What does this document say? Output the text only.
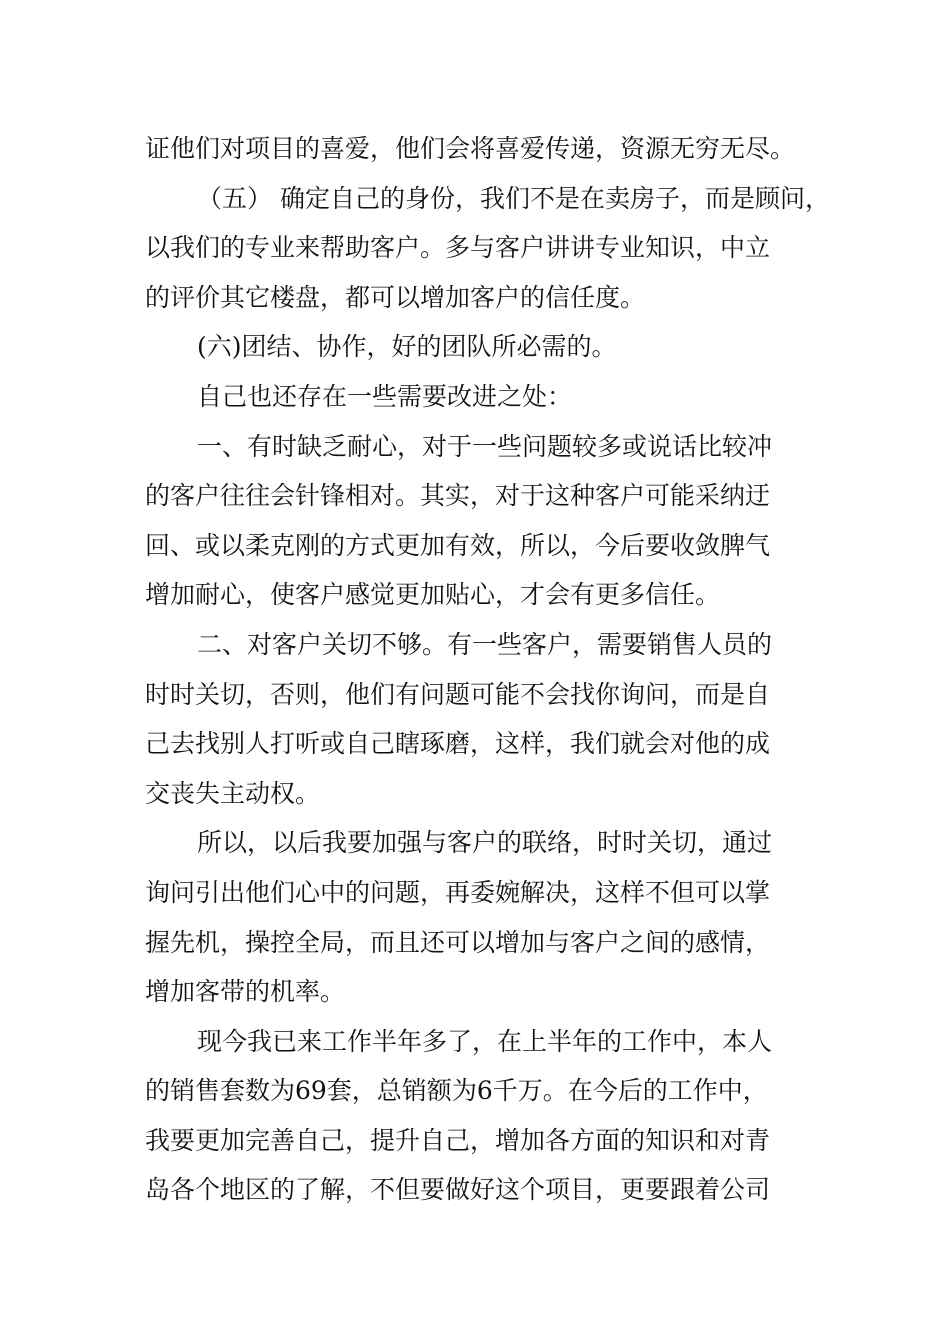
证他们对项目的喜爱，他们会将喜爱传递，资源无穷无尽。
（五） 确定自己的身份，我们不是在卖房子，而是顾问，
以我们的专业来帮助客户。多与客户讲讲专业知识，中立
的评价其它楼盘，都可以增加客户的信任度。
(六)团结、协作，好的团队所必需的。
自己也还存在一些需要改进之处：
一、有时缺乏耐心，对于一些问题较多或说话比较冲
的客户往往会针锋相对。其实，对于这种客户可能采纳迂
回、或以柔克刚的方式更加有效，所以，今后要收敛脾气
增加耐心，使客户感觉更加贴心，才会有更多信任。
二、对客户关切不够。有一些客户，需要销售人员的
时时关切，否则，他们有问题可能不会找你询问，而是自
己去找别人打听或自己瞎琢磨，这样，我们就会对他的成
交丧失主动权。
所以，以后我要加强与客户的联络，时时关切，通过
询问引出他们心中的问题，再委婉解决，这样不但可以掌
握先机，操控全局，而且还可以增加与客户之间的感情，
增加客带的机率。
现今我已来工作半年多了，在上半年的工作中，本人
的销售套数为69套，总销额为6千万。在今后的工作中，
我要更加完善自己，提升自己，增加各方面的知识和对青
岛各个地区的了解，不但要做好这个项目，更要跟着公司
